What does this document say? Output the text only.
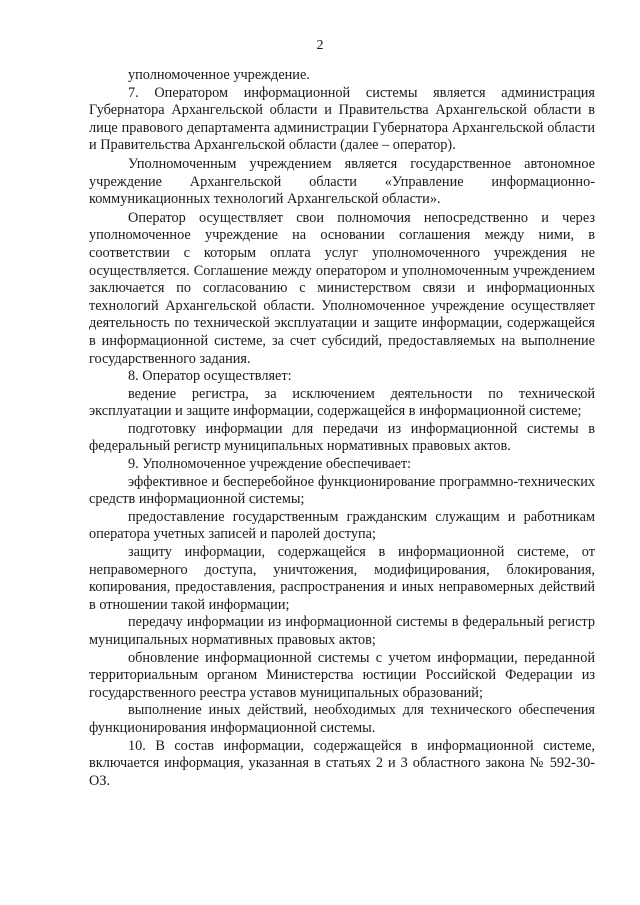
2

уполномоченное учреждение.

7. Оператором информационной системы является администрация Губернатора Архангельской области и Правительства Архангельской области в лице правового департамента администрации Губернатора Архангельской области и Правительства Архангельской области (далее – оператор).

Уполномоченным учреждением является государственное автономное учреждение Архангельской области «Управление информационно-коммуникационных технологий Архангельской области».

Оператор осуществляет свои полномочия непосредственно и через уполномоченное учреждение на основании соглашения между ними, в соответствии с которым оплата услуг уполномоченного учреждения не осуществляется. Соглашение между оператором и уполномоченным учреждением заключается по согласованию с министерством связи и информационных технологий Архангельской области. Уполномоченное учреждение осуществляет деятельность по технической эксплуатации и защите информации, содержащейся в информационной системе, за счет субсидий, предоставляемых на выполнение государственного задания.

8. Оператор осуществляет:

ведение регистра, за исключением деятельности по технической эксплуатации и защите информации, содержащейся в информационной системе;

подготовку информации для передачи из информационной системы в федеральный регистр муниципальных нормативных правовых актов.

9. Уполномоченное учреждение обеспечивает:

эффективное и бесперебойное функционирование программно-технических средств информационной системы;

предоставление государственным гражданским служащим и работникам оператора учетных записей и паролей доступа;

защиту информации, содержащейся в информационной системе, от неправомерного доступа, уничтожения, модифицирования, блокирования, копирования, предоставления, распространения и иных неправомерных действий в отношении такой информации;

передачу информации из информационной системы в федеральный регистр муниципальных нормативных правовых актов;

обновление информационной системы с учетом информации, переданной территориальным органом Министерства юстиции Российской Федерации из государственного реестра уставов муниципальных образований;

выполнение иных действий, необходимых для технического обеспечения функционирования информационной системы.

10. В состав информации, содержащейся в информационной системе, включается информация, указанная в статьях 2 и 3 областного закона № 592-30-ОЗ.
